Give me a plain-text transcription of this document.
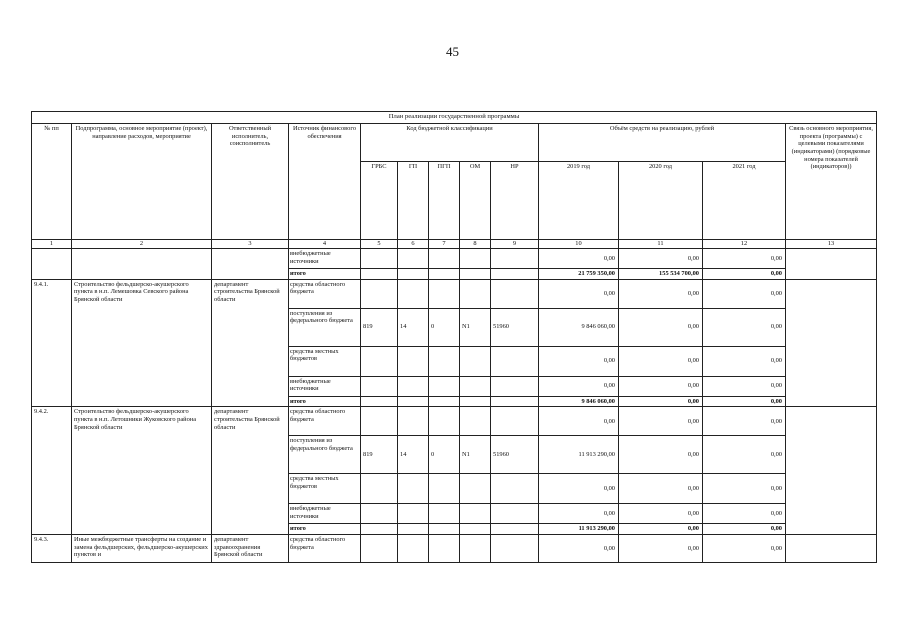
45
План реализации государственной программы												
№ пп	Подпрограмма, основное мероприятие (проект), направление расходов, мероприятие	Ответственный исполнитель, соисполнитель	Источник финансового обеспечения	Код бюджетной классификации					Объём средств на реализацию, рублей			Связь основного мероприятия, проекта (программы) с целевыми показателями (индикаторами) (порядковые номера показателей (индикаторов))
				ГРБС	ГП	ПГП	ОМ	НР	2019 год	2020 год	2021 год	
1	2	3	4	5	6	7	8	9	10	11	12	13
			внебюджетные источники						0,00	0,00	0,00	
			итого						21 759 350,00	155 534 700,00	0,00	
9.4.1.	Строительство фельдшерско-акушерского пункта в н.п. Лемешовка Севского района Брянской области	департамент строительства Брянской области	средства областного бюджета						0,00	0,00	0,00	
			поступления из федерального бюджета	819	14	0	N1	51960	9 846 060,00	0,00	0,00	
			средства местных бюджетов						0,00	0,00	0,00	
			внебюджетные источники						0,00	0,00	0,00	
			итого						9 846 060,00	0,00	0,00	
9.4.2.	Строительство фельдшерско-акушерского пункта в н.п. Летошники Жуковского района Брянской области	департамент строительства Брянской области	средства областного бюджета						0,00	0,00	0,00	
			поступления из федерального бюджета	819	14	0	N1	51960	11 913 290,00	0,00	0,00	
			средства местных бюджетов						0,00	0,00	0,00	
			внебюджетные источники						0,00	0,00	0,00	
			итого						11 913 290,00	0,00	0,00	
9.4.3.	Иные межбюджетные трансферты на создание и замена фельдшерских, фельдшерско-акушерских пунктов и	департамент здравоохранения Брянской области	средства областного бюджета						0,00	0,00	0,00	
